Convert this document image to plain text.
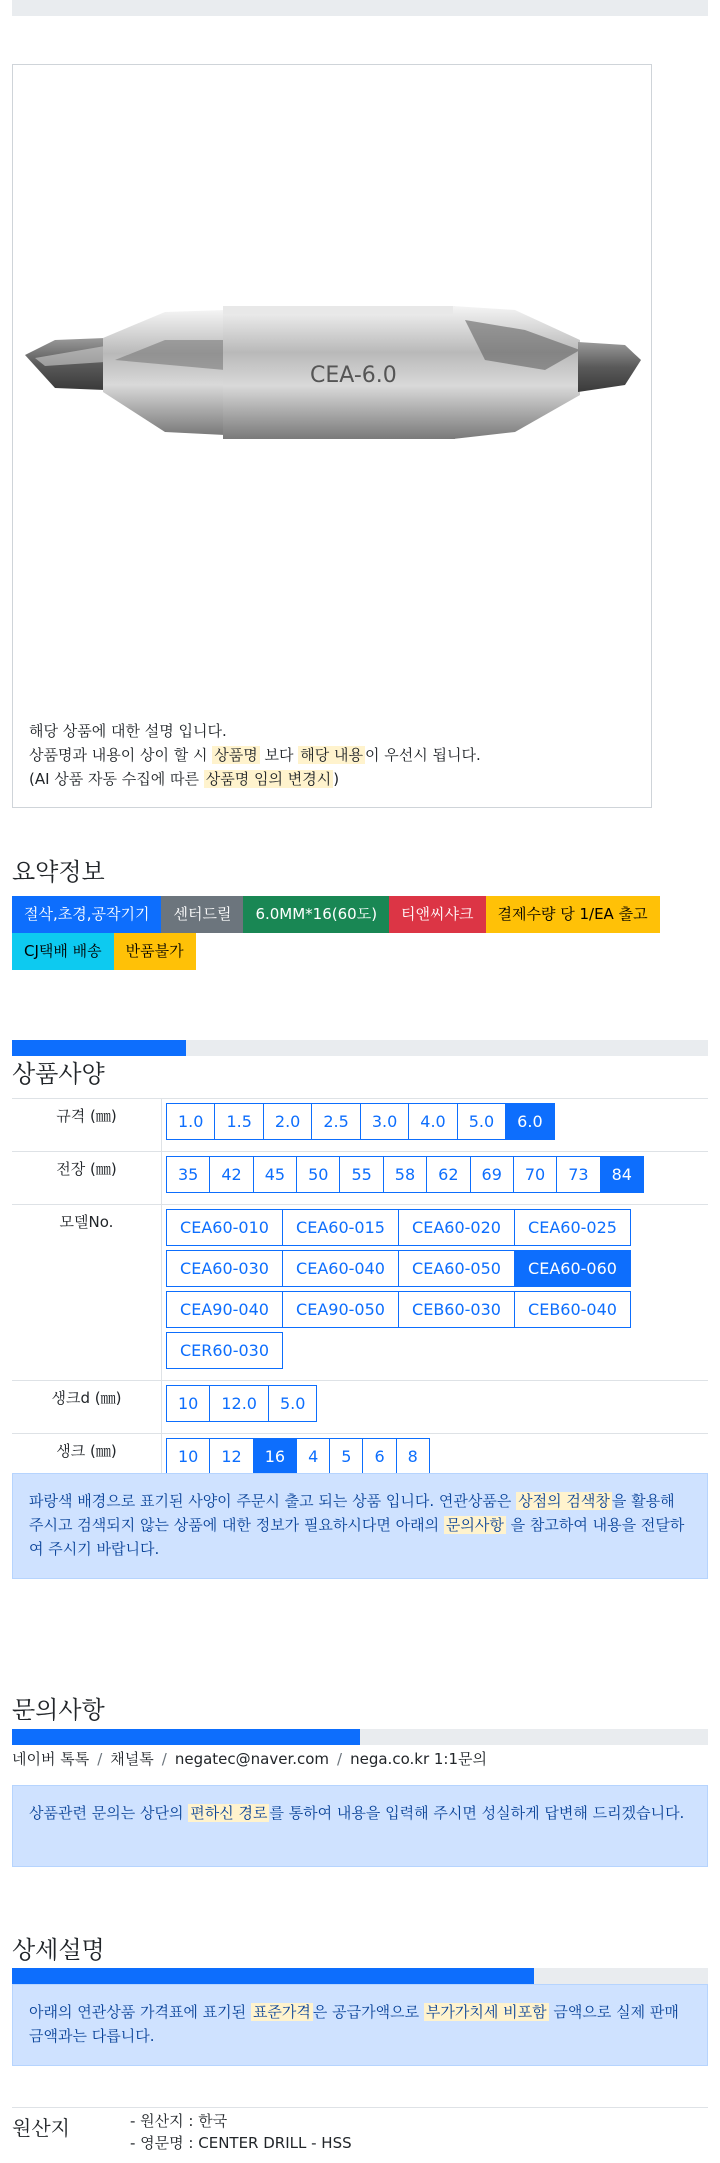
CEA-6.0
해당 상품에 대한 설명 입니다.
상품명과 내용이 상이 할 시 상품명 보다 해당 내용 이 우선시 됩니다.
(AI 상품 자동 수집에 따른 상품명 임의 변경시 )
요약정보
절삭,초경,공작기기	센터드릴	6.0MM*16(60도)	티앤씨샤크	결제수량 당 1/EA 출고
CJ택배 배송	반품불가
상품사양
규격 (㎜)	1.0	1.5	2.0	2.5	3.0	4.0	5.0	6.0
전장 (㎜)	35	42	45	50	55	58	62	69	70	73	84
모델No.	CEA60-010	CEA60-015	CEA60-020	CEA60-025
CEA60-030	CEA60-040	CEA60-050	CEA60-060
CEA90-040	CEA90-050	CEB60-030	CEB60-040
CER60-030
생크d (㎜)	10	12.0	5.0
생크 (㎜)	10	12	16	4	5	6	8
파랑색 배경으로 표기된 사양이 주문시 출고 되는 상품 입니다. 연관상품은 상점의 검색창 을 활용해 주시고 검색되지 않는 상품에 대한 정보가 필요하시다면 아래의 문의사항 을 참고하여 내용을 전달하여 주시기 바랍니다.
문의사항
네이버 톡톡 / 채널톡 / negatec@naver.com / nega.co.kr 1:1문의
상품관련 문의는 상단의 편하신 경로 를 통하여 내용을 입력해 주시면 성실하게 답변해 드리겠습니다.
상세설명
아래의 연관상품 가격표에 표기된 표준가격 은 공급가액으로 부가가치세 비포함 금액으로 실제 판매금액과는 다릅니다.
원산지	- 원산지 : 한국
- 영문명 : CENTER DRILL - HSS
